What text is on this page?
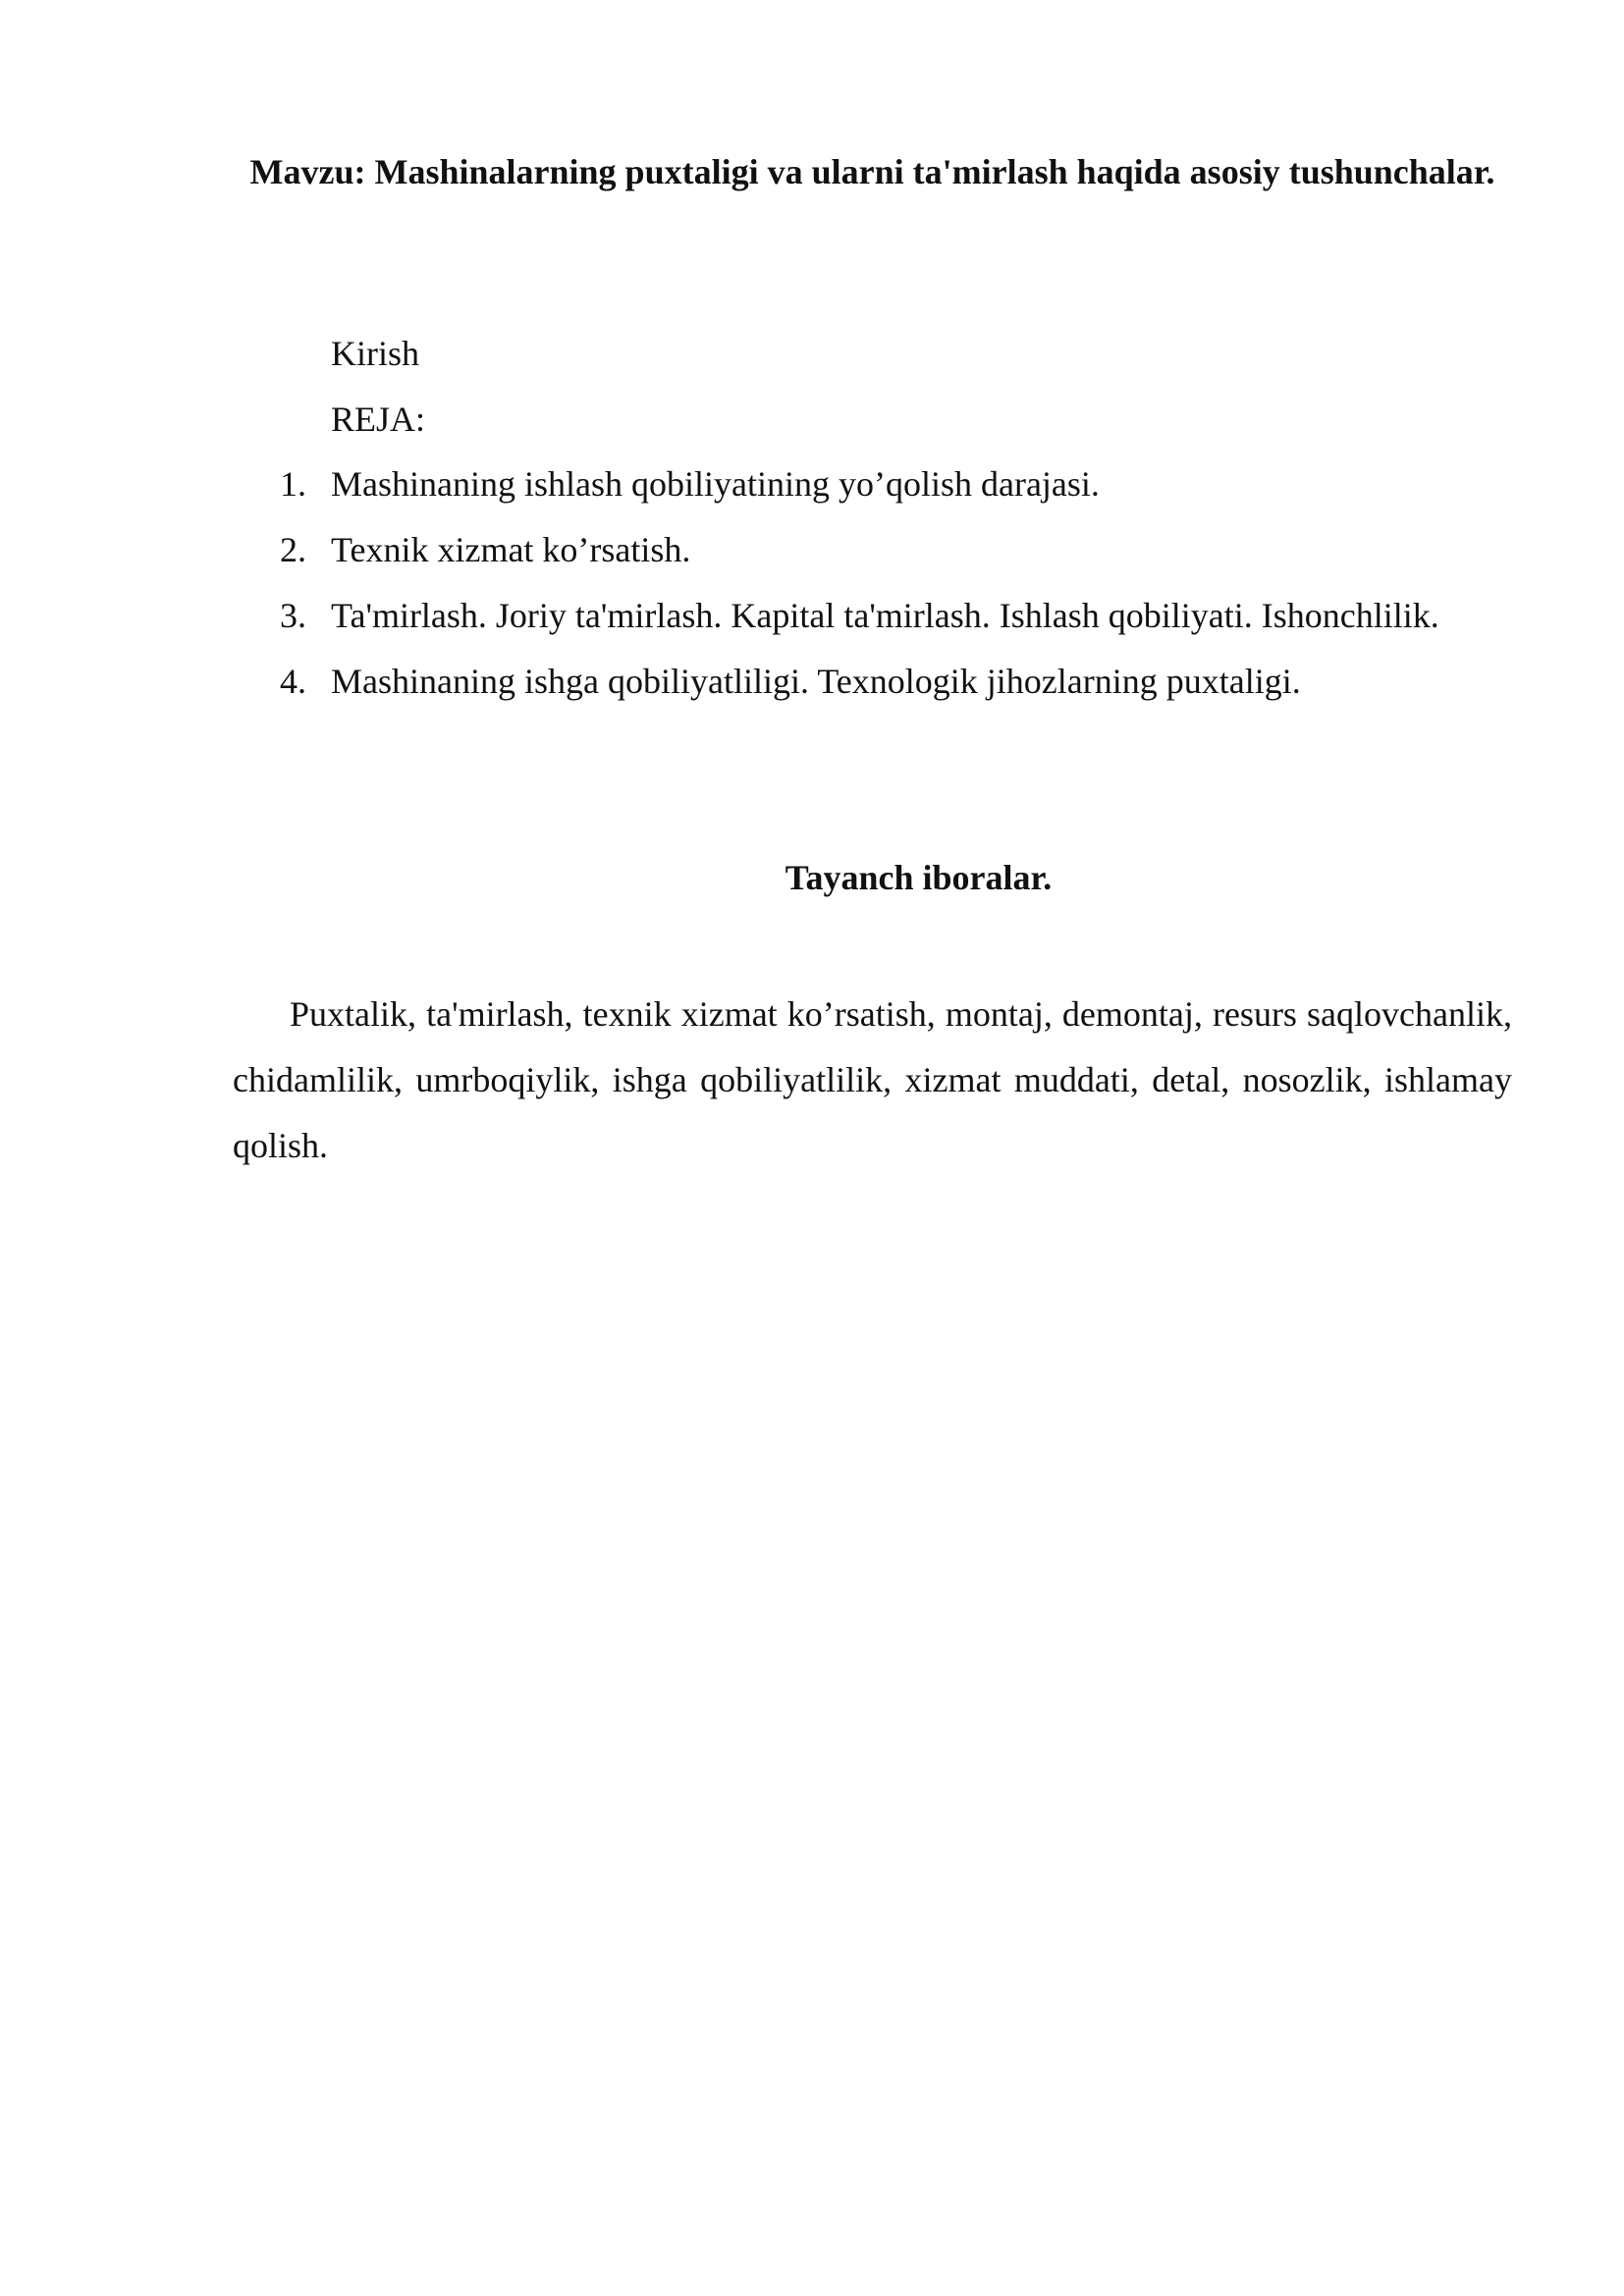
Mavzu: Mashinalarning puxtaligi va ularni ta'mirlash haqida asosiy tushunchalar.

Kirish

REJA:

1. Mashinaning ishlash qobiliyatining yo’qolish darajasi.
2. Texnik xizmat ko’rsatish.
3. Ta'mirlash. Joriy ta'mirlash. Kapital ta'mirlash. Ishlash qobiliyati. Ishonchlilik.
4. Mashinaning ishga qobiliyatliligi. Texnologik jihozlarning puxtaligi.
Tayanch iboralar.

Puxtalik, ta'mirlash, texnik xizmat ko’rsatish, montaj, demontaj, resurs saqlovchanlik, chidamlilik, umrboqiylik, ishga qobiliyatlilik, xizmat muddati, detal, nosozlik, ishlamay qolish.
